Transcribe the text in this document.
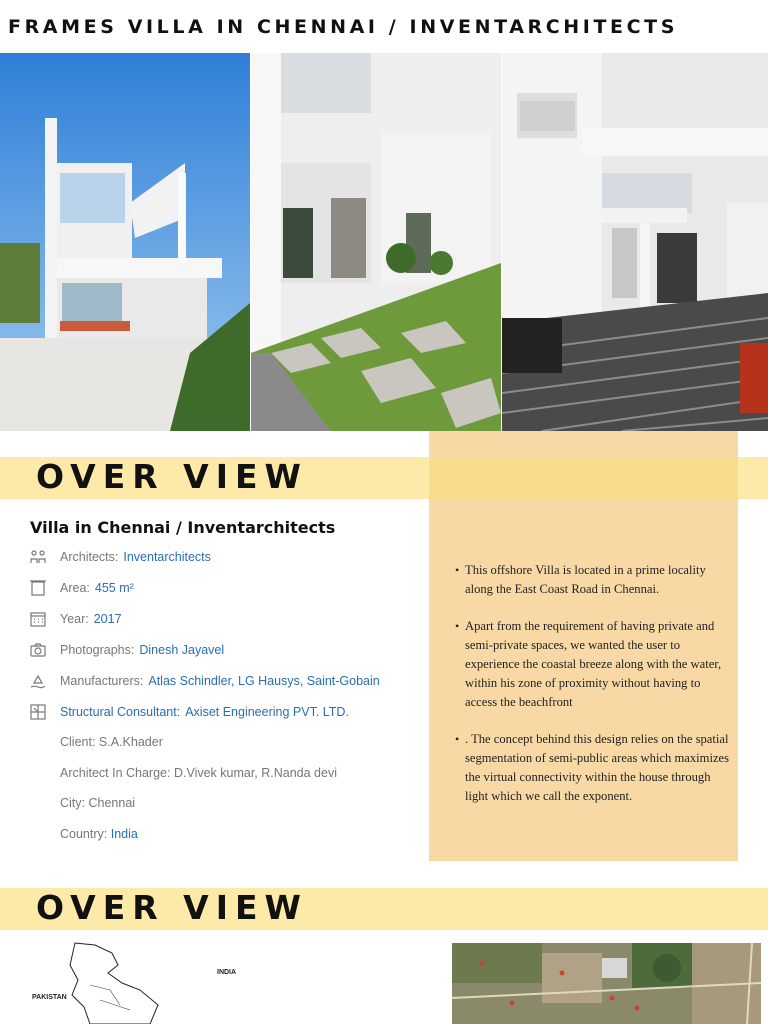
FRAMES VILLA IN CHENNAI / INVENTARCHITECTS
OVER VIEW
Villa in Chennai / Inventarchitects
Architects: Inventarchitects
Area: 455 m²
Year: 2017
Photographs: Dinesh Jayavel
Manufacturers: Atlas Schindler, LG Hausys, Saint-Gobain
Structural Consultant: Axiset Engineering PVT. LTD.
Client: S.A.Khader
Architect In Charge: D.Vivek kumar, R.Nanda devi
City: Chennai
Country: India
• This offshore Villa is located in a prime locality along the East Coast Road in Chennai.
• Apart from the requirement of having private and semi-private spaces, we wanted the user to experience the coastal breeze along with the water, within his zone of proximity without having to access the beachfront
• . The concept behind this design relies on the spatial segmentation of semi-public areas which maximizes the virtual connectivity within the house through light which we call the exponent.
OVER VIEW
INDIA
PAKISTAN
